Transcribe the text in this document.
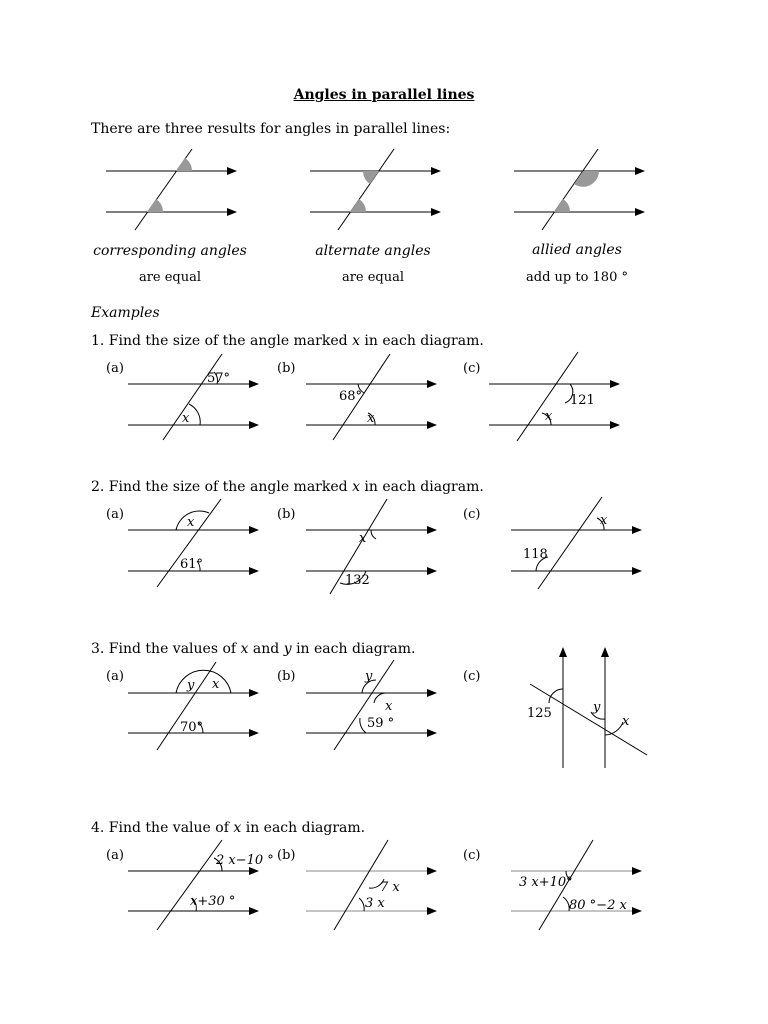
Angles in parallel lines
There are three results for angles in parallel lines:
corresponding angles
are equal
alternate angles
are equal
allied angles
add up to 180 °
Examples
1. Find the size of the angle marked x in each diagram.
2. Find the size of the angle marked x in each diagram.
3. Find the values of x and y in each diagram.
4. Find the value of x in each diagram.
(a)	(b)	(c)
(a)	(b)	(c)
(a)	(b)	(c)
(a)	(b)	(c)
57°
x
68°
x
121
x
x
61°
x
132
x
118
y x
70°
y
x
59 °
125	y
x
2 x−10 °
x+30 °
7 x
3 x
3 x+10°
80 °−2 x
